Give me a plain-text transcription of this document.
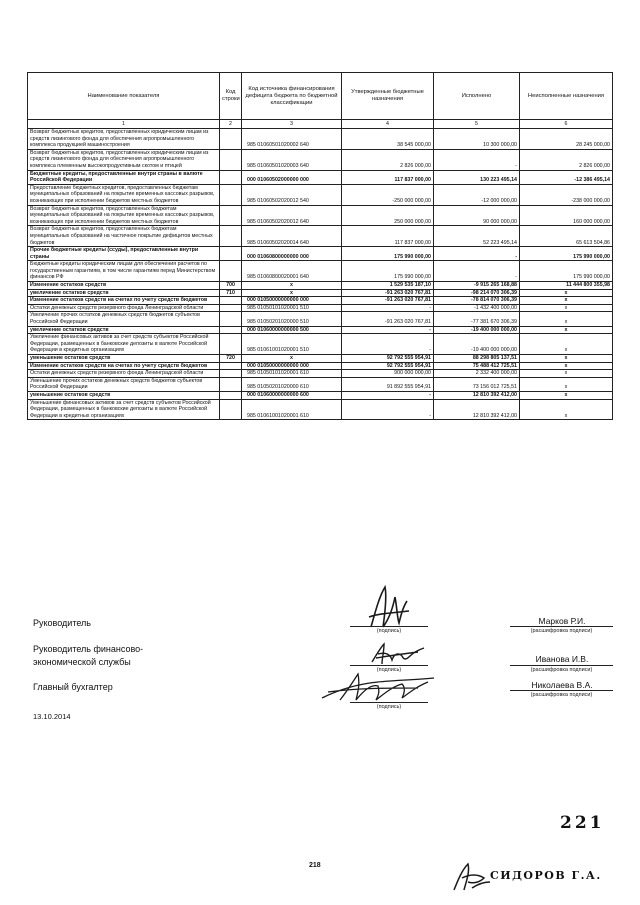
Наименование показателя	Код строки	Код источника финансирования дефицита бюджета по бюджетной классификации	Утвержденные бюджетные назначения	Исполнено	Неисполненные назначения
1	2	3	4	5	6
Возврат бюджетных кредитов, предоставленных юридическим лицам из средств лизингового фонда для обеспечения агропромышленного комплекса продукцией машиностроения		985 01060501020002 640	38 545 000,00	10 300 000,00	28 245 000,00
Возврат бюджетных кредитов, предоставленных юридическим лицам из средств лизингового фонда для обеспечения агропромышленного комплекса племенным высокопродуктивным скотом и птицей		985 01060501020003 640	2 826 000,00	-	2 826 000,00
Бюджетные кредиты, предоставленные внутри страны в валюте Российской Федерации		000 01060502000000 000	117 837 000,00	130 223 495,14	-12 386 495,14
Предоставление бюджетных кредитов, предоставленных бюджетам муниципальных образований на покрытие временных кассовых разрывов, возникающих при исполнении бюджетов местных бюджетов		985 01060502020012 540	-250 000 000,00	-12 000 000,00	-238 000 000,00
Возврат бюджетных кредитов, предоставленных бюджетам муниципальных образований на покрытие временных кассовых разрывов, возникающих при исполнении бюджетов местных бюджетов		985 01060502020012 640	250 000 000,00	90 000 000,00	160 000 000,00
Возврат бюджетных кредитов, предоставленных бюджетам муниципальных образований на частичное покрытие дефицитов местных бюджетов		985 01060502020014 640	117 837 000,00	52 223 495,14	65 613 504,86
Прочие бюджетные кредиты (ссуды), предоставленные внутри страны		000 01060800000000 000	175 990 000,00	-	175 990 000,00
Бюджетные кредиты юридическим лицам для обеспечения расчетов по государственным гарантиям, в том числе гарантиям перед Министерством финансов РФ		985 01060800020001 640	175 990 000,00	-	175 990 000,00
Изменение остатков средств	700	x	1 529 535 187,10	-9 915 265 168,88	11 444 800 355,98
увеличение остатков средств	710	x	-91 263 020 767,81	-98 214 070 306,39	x
Изменение остатков средств на счетах по учету средств бюджетов		000 01050000000000 000	-91 263 020 767,81	-78 814 070 306,39	x
Остатки денежных средств резервного фонда Ленинградской области		985 01050101020001 510	-	-1 432 400 000,00	x
Увеличение прочих остатков денежных средств бюджетов субъектов Российской Федерации		985 01050201020000 510	-91 263 020 767,81	-77 381 670 306,39	x
увеличение остатков средств		000 01060000000000 500	-	-19 400 000 000,00	x
Увеличение финансовых активов за счет средств субъектов Российской Федерации, размещенных в банковские депозиты в валюте Российской Федерации в кредитных организациях		985 01061001020001 510	-	-19 400 000 000,00	x
уменьшение остатков средств	720	x	92 792 555 954,91	88 298 805 137,51	x
Изменение остатков средств на счетах по учету средств бюджетов		000 01050000000000 000	92 792 555 954,91	75 488 412 725,51	x
Остатки денежных средств резервного фонда Ленинградской области		985 01050101020001 610	900 000 000,00	2 332 400 000,00	x
Уменьшение прочих остатков денежных средств бюджетов субъектов Российской Федерации		985 01050201020000 610	91 892 555 954,91	73 156 012 725,51	x
уменьшение остатков средств		000 01060000000000 600	-	12 810 392 412,00	x
Уменьшение финансовых активов за счет средств субъектов Российской Федерации, размещенных в банковские депозиты в валюте Российской Федерации в кредитных организациях		985 01061001020001 610	-	12 810 392 412,00	x
Руководитель
(подпись)
Марков Р.И.
(расшифровка подписи)
Руководитель финансово-
экономической службы
(подпись)
Иванова И.В.
(расшифровка подписи)
Главный бухгалтер
(подпись)
Николаева В.А.
(расшифровка подписи)
13.10.2014
221
218
СИДОРОВ Г.А.
